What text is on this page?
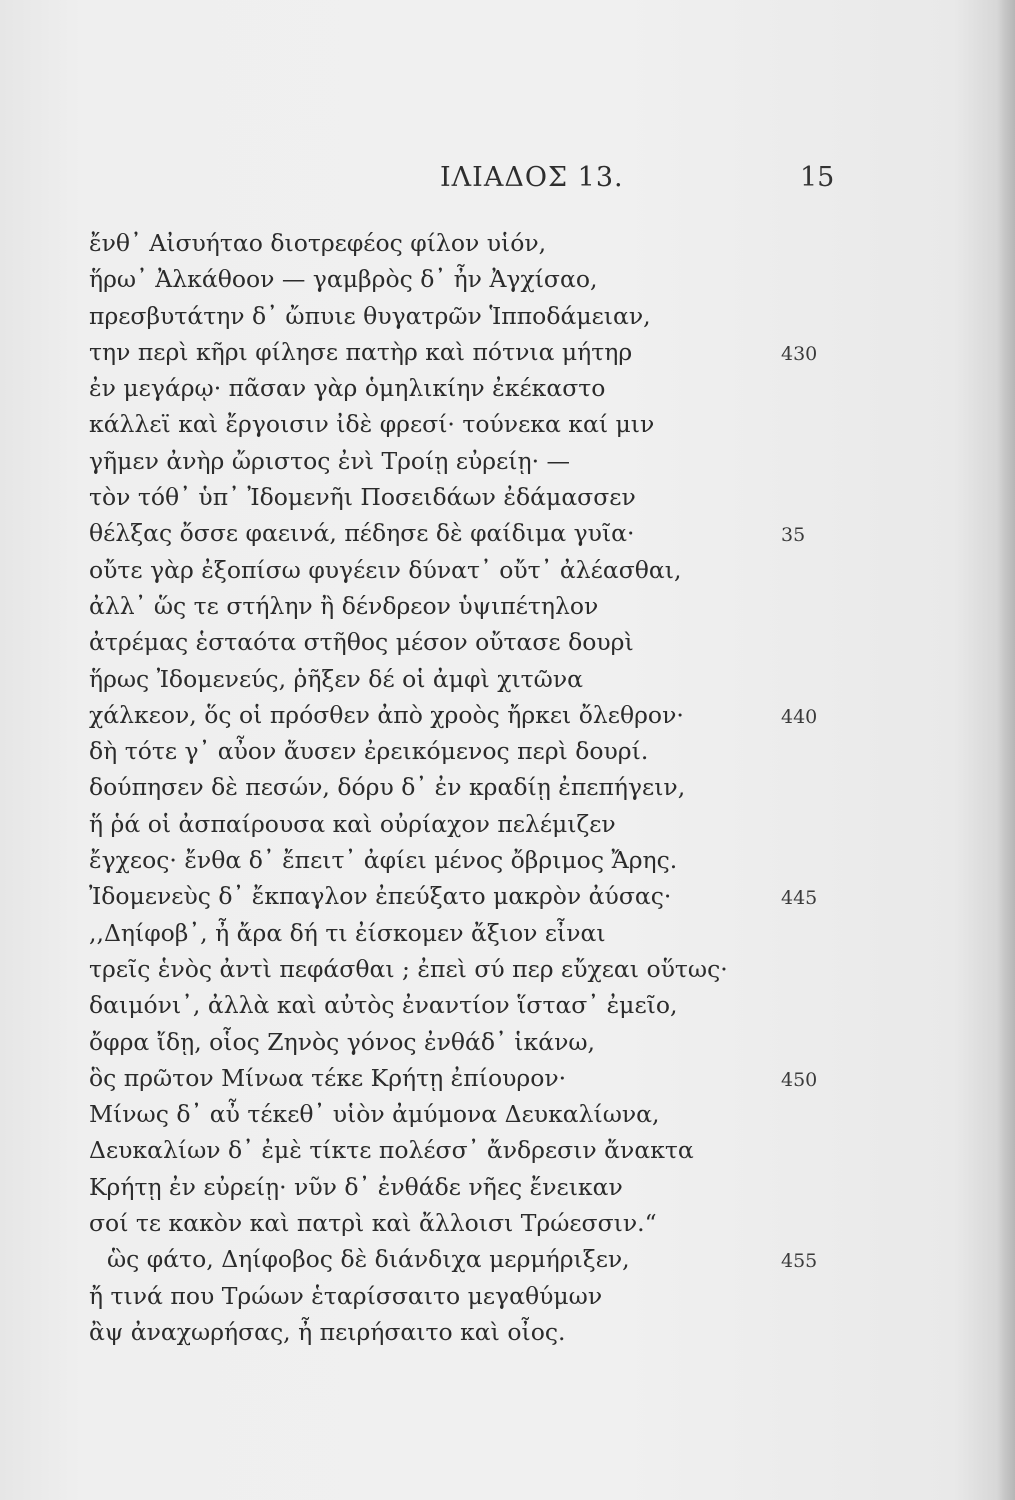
ΙΛΙΑΔΟΣ 13.	15
ἔνθ᾽ Αἰσυήταο διοτρεφέος φίλον υἱόν,
ἥρω᾽ Ἀλκάθοον — γαμβρὸς δ᾽ ἦν Ἀγχίσαο,
πρεσβυτάτην δ᾽ ὤπυιε θυγατρῶν Ἱπποδάμειαν,
την περὶ κῆρι φίλησε πατὴρ καὶ πότνια μήτηρ	430
ἐν μεγάρῳ· πᾶσαν γὰρ ὁμηλικίην ἐκέκαστο
κάλλεϊ καὶ ἔργοισιν ἰδὲ φρεσί· τούνεκα καί μιν
γῆμεν ἀνὴρ ὤριστος ἐνὶ Τροίῃ εὐρείῃ· —
τὸν τόθ᾽ ὑπ᾽ Ἰδομενῆι Ποσειδάων ἐδάμασσεν
θέλξας ὄσσε φαεινά, πέδησε δὲ φαίδιμα γυῖα·	35
οὔτε γὰρ ἐξοπίσω φυγέειν δύνατ᾽ οὔτ᾽ ἀλέασθαι,
ἀλλ᾽ ὥς τε στήλην ἢ δένδρεον ὑψιπέτηλον
ἀτρέμας ἑσταότα στῆθος μέσον οὔτασε δουρὶ
ἥρως Ἰδομενεύς, ῥῆξεν δέ οἱ ἀμφὶ χιτῶνα
χάλκεον, ὅς οἱ πρόσθεν ἀπὸ χροὸς ἤρκει ὄλεθρον·	440
δὴ τότε γ᾽ αὖον ἄυσεν ἐρεικόμενος περὶ δουρί.
δούπησεν δὲ πεσών, δόρυ δ᾽ ἐν κραδίῃ ἐπεπήγειν,
ἥ ῥά οἱ ἀσπαίρουσα καὶ οὐρίαχον πελέμιζεν
ἔγχεος· ἔνθα δ᾽ ἔπειτ᾽ ἀφίει μένος ὄβριμος Ἄρης.
Ἰδομενεὺς δ᾽ ἔκπαγλον ἐπεύξατο μακρὸν ἀύσας·	445
,,Δηίφοβ᾽, ἦ ἄρα δή τι ἐίσκομεν ἄξιον εἶναι
τρεῖς ἑνὸς ἀντὶ πεφάσθαι ; ἐπεὶ σύ περ εὔχεαι οὕτως·
δαιμόνι᾽, ἀλλὰ καὶ αὐτὸς ἐναντίον ἵστασ᾽ ἐμεῖο,
ὄφρα ἴδῃ, οἷος Ζηνὸς γόνος ἐνθάδ᾽ ἱκάνω,
ὃς πρῶτον Μίνωα τέκε Κρήτῃ ἐπίουρον·	450
Μίνως δ᾽ αὖ τέκεθ᾽ υἱὸν ἀμύμονα Δευκαλίωνα,
Δευκαλίων δ᾽ ἐμὲ τίκτε πολέσσ᾽ ἄνδρεσιν ἄνακτα
Κρήτῃ ἐν εὐρείῃ· νῦν δ᾽ ἐνθάδε νῆες ἔνεικαν
σοί τε κακὸν καὶ πατρὶ καὶ ἄλλοισι Τρώεσσιν.“
ὣς φάτο, Δηίφοβος δὲ διάνδιχα μερμήριξεν,	455
ἤ τινά που Τρώων ἑταρίσσαιτο μεγαθύμων
ἂψ ἀναχωρήσας, ἦ πειρήσαιτο καὶ οἶος.
